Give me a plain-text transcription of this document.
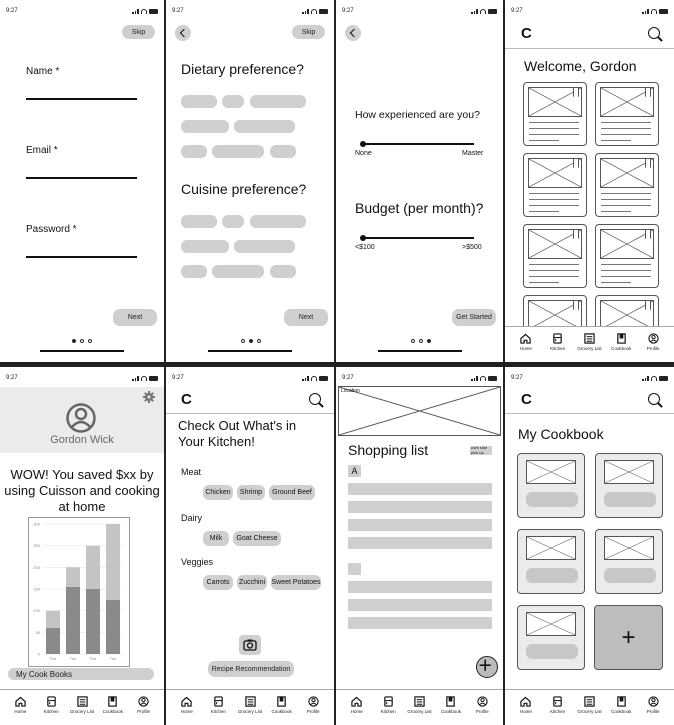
9:27
Skip
Name *
Email *
Password *
Next
9:27
Skip
Dietary preference?
Cuisine preference?
Next
9:27
How experienced are you?
None	Master
Budget (per month)?
<$100	>$500
Get Started
9:27
C
Welcome, Gordon
Home	Kitchen	Grocery List	Cookbook	Profile
9:27
Gordon Wick
WOW! You saved $xx by using Cuisson and cooking at home
0
50
100
150
200
250
300
Tue	Tue	Tue	Tue
My Cook Books
Home	Kitchen	Grocery List	Cookbook	Profile
9:27
C
Check Out What's in Your Kitchen!
Meat
Chicken	Shrimp	Ground Beef
Dairy
Milk	Goat Cheese
Veggies
Carrots	Zucchini Sweet Potatoes
Recipe Recommendation
Home	Kitchen	Grocery List	Cookbook	Profile
9:27
Location
Shopping list	curb side pick up
A
Home	Kitchen	Grocery List	Cookbook	Profile
9:27
C
My Cookbook
+
Home	Kitchen	Grocery List	Cookbook	Profile
